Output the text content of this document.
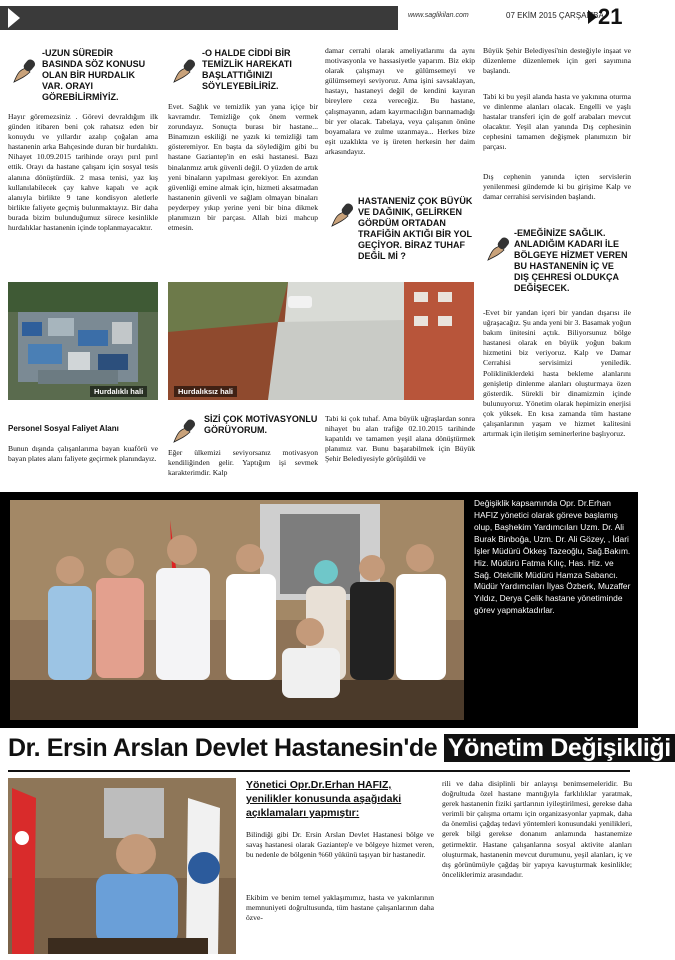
www.saglikilan.com	07 EKİM 2015 ÇARŞAMBA
21
-UZUN SÜREDİR BASINDA SÖZ KONUSU OLAN BİR HURDALIK VAR. ORAYI GÖREBİLİRMİYİZ.
Hayır göremezsiniz . Görevi devraldığım ilk günden itibaren beni çok rahatsız eden bir konuydu ve yıllardır azalıp çoğalan ama hastanenin arka Bahçesinde duran bir hurdalıktı. Nihayet 10.09.2015 tarihinde orayı pırıl pırıl ettik. Orayı da hastane çalışanı için sosyal tesis alanına dönüştürdük. 2 masa tenisi, yaz kış kullanılabilecek çay kahve kapalı ve açık alanıyla birlikte 9 tane kondisyon aletlerle birlikte faliyete geçmiş bulunmaktayız. Bir daha burada bizim bulunduğumuz sürece kesinlikle hurdalıklar hastanenin içinde toplanmayacaktır.
-O HALDE CİDDİ BİR TEMİZLİK HAREKATI BAŞLATTIĞINIZI SÖYLEYEBİLİRİZ.
Evet. Sağlık ve temizlik yan yana içiçe bir kavramdır. Temizliğe çok önem vermek zorundayız. Sonuçta burası bir hastane... Binamızın eskiliği ne yazık ki temizliği tam gösteremiyor. En başta da söylediğim gibi bu hastane Gaziantep'in en eski hastanesi. Bazı binalanmız artık güvenli değil. O yüzden de artık yeni binaların yapılması gerekiyor. En azından güvenliği emine almak için, hizmeti aksatmadan hastanenin güvenli ve sağlam olmayan binaları peyderpey yıkıp yerine yeni bir bina dikmek planımızın bir parçası. Allah bizi mahcup etmesin.
damar cerrahi olarak ameliyatlarımı da aynı motivasyonla ve hassasiyetle yaparım. Biz ekip olarak çalışmayı ve gülümsemeyi ve gülümsemeyi seviyoruz. Ama işini savsaklayan, hastayı, hastaneyi değil de kendini kayıran bireylere ceza vereceğiz. Bu hastane, çalışmayanın, adam kayırmacılığın barınamadığı bir yer olacak. Tabelaya, veya çalışanın önüne boyamalara ve zulme uzanmaya... Herkes bize eşit uzaklıkta ve iş üreten herkesin her daim arkasındayız.
HASTANENİZ ÇOK BÜYÜK VE DAĞINIK, GELİRKEN GÖRDÜM ORTADAN TRAFİĞİN AKTIĞI BİR YOL GEÇİYOR. BİRAZ TUHAF DEĞİL Mİ ?
Büyük Şehir Belediyesi'nin desteğiyle inşaat ve düzenleme düzenlemek için geri sayımına başlandı.
Tabi ki bu yeşil alanda hasta ve yakınına oturma ve dinlenme alanları olacak. Engelli ve yaşlı hastalar transferi için de golf arabaları mevcut olacaktır. Yeşil alan yanında Dış cephesinin cephesini tamamen değişmek planımızın bir parçası.
Dış cephenin yanında içten servislerin yenilenmesi gündemde ki bu girişime Kalp ve damar cerrahisi servisinden başlandı.
-EMEĞİNİZE SAĞLIK. ANLADIĞIM KADARI İLE BÖLGEYE HİZMET VEREN BU HASTANENİN İÇ VE DIŞ ÇEHRESİ OLDUKÇA DEĞİŞECEK.
-Evet bir yandan içeri bir yandan dışarısı ile uğraşacağız. Şu anda yeni bir 3. Basamak yoğun bakım ünitesini açtık. Biliyorsunuz bölge hastanesi olarak en büyük yoğun bakım hizmetini biz veriyoruz. Kalp ve Damar Cerrahisi servisimizi yeniledik. Polikliniklerdeki hasta bekleme alanlarını genişletip dinlenme alanları oluşturmaya özen gösterdik. Sürekli bir dinamizmin içinde bulunuyoruz. Yönetim olarak hepimizin enerjisi çok yüksek. En kısa zamanda tüm hastane çalışanlarının yaşam ve hizmet kalitesini artırmak için iletişim seminerlerine başlıyoruz.
Hurdalıklı hali	Hurdalıksız hali
Personel Sosyal Faliyet Alanı
Bunun dışında çalışanlarıma bayan kuaförü ve bayan plates alanı faliyete geçirmek planındayız.
SİZİ ÇOK MOTİVASYONLU GÖRÜYORUM.
Eğer ülkemizi seviyorsanız motivasyon kendiliğinden gelir. Yaptığım işi sevmek karakterimdir. Kalp
Tabi ki çok tuhaf. Ama büyük uğraşlardan sonra nihayet bu alan trafiğe 02.10.2015 tarihinde kapatıldı ve tamamen yeşil alana dönüştürmek planımız var. Bunu başarabilmek için Büyük Şehir Belediyesiyle görüşüldü ve
Değişiklik kapsamında Opr. Dr.Erhan HAFIZ yönetici olarak göreve başlamış olup, Başhekim Yardımcıları Uzm. Dr. Ali Burak Binboğa, Uzm. Dr. Ali Gözey, , İdari İşler Müdürü Ökkeş Tazeoğlu, Sağ.Bakım. Hiz. Müdürü Fatma Kılıç, Has. Hiz. ve Sağ. Otelcilik Müdürü Hamza Sabancı. Müdür Yardımcıları İlyas Özberk, Muzaffer Yıldız, Derya Çelik hastane yönetiminde görev yapmaktadırlar.
Dr. Ersin Arslan Devlet Hastanesin'de Yönetim Değişikliği
Yönetici Opr.Dr.Erhan HAFIZ, yenilikler konusunda aşağıdaki açıklamaları yapmıştır:
Bilindiği gibi Dr. Ersin Arslan Devlet Hastanesi bölge ve savaş hastanesi olarak Gaziantep'e ve bölgeye hizmet veren, bu nedenle de bölgenin %60 yükünü taşıyan bir hastanedir.
Ekibim ve benim temel yaklaşımımız, hasta ve yakınlarının memnuniyeti doğrultusunda, tüm hastane çalışanlarının daha özve-
rili ve daha disiplinli bir anlayışı benimsemeleridir. Bu doğrultuda özel hastane mantığıyla farklılıklar yaratmak, gerek hastanenin fiziki şartlarının iyileştirilmesi, gerekse daha verimli bir çalışma ortamı için organizasyonlar yapmak, daha da önemlisi çağdaş tedavi yöntemleri konusundaki yenilikleri, gerek bilgi gerekse donanım anlamında hastanemize getirmektir. Hastane çalışanlarına sosyal aktivite alanları oluşturmak, hastanenin mevcut durumunu, yeşil alanları, iç ve dış görünümüyle çağdaş bir yapıya kavuşturmak kesinlikle; önceliklerimiz arasındadır.
